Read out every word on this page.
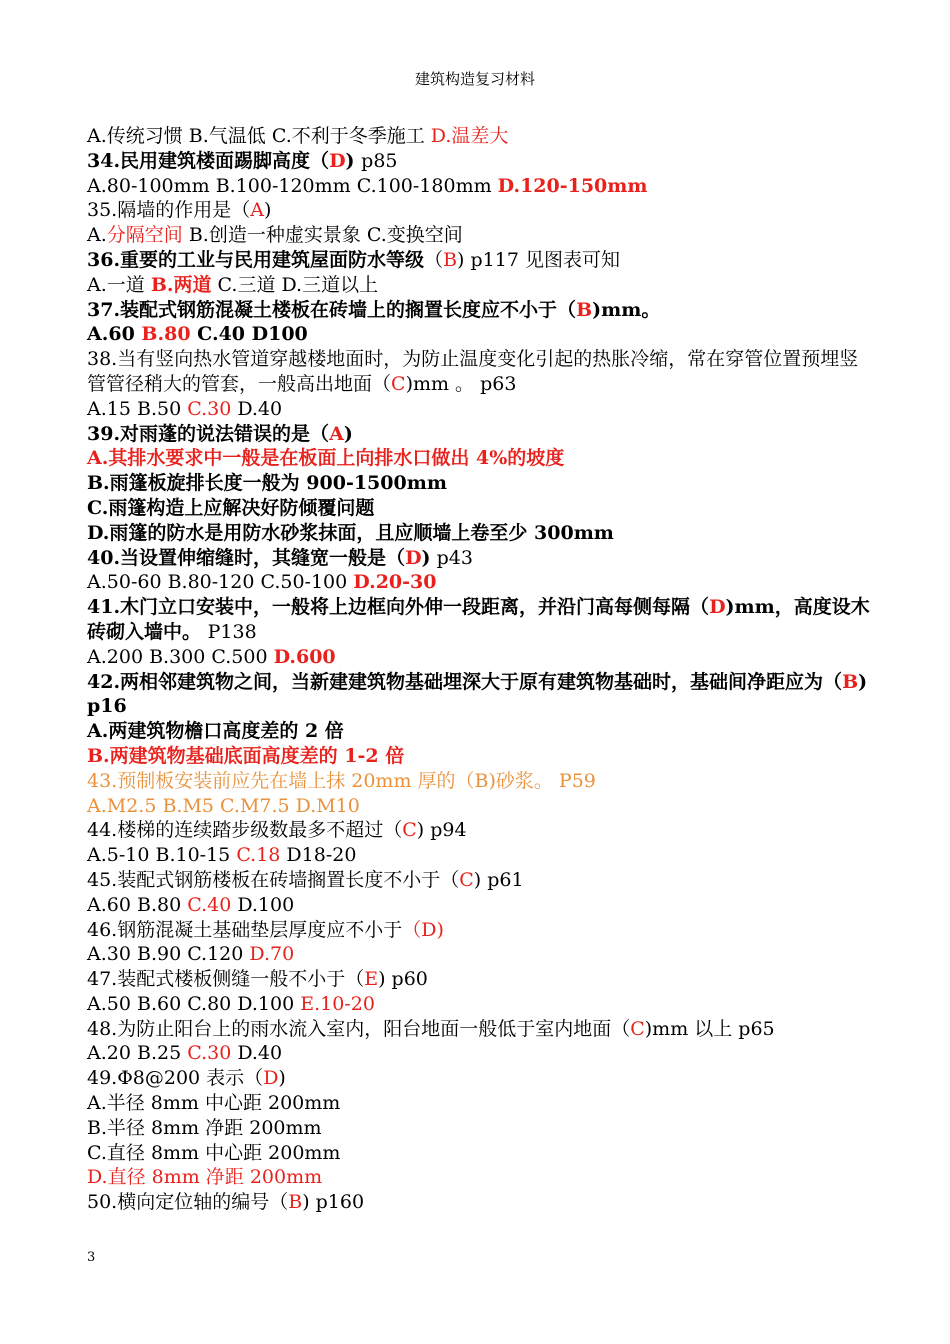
建筑构造复习材料
A.传统习惯 B.气温低 C.不利于冬季施工 D.温差大
34.民用建筑楼面踢脚高度（D) p85
A.80-100mm B.100-120mm C.100-180mm D.120-150mm
35.隔墙的作用是（A)
A.分隔空间 B.创造一种虚实景象 C.变换空间
36.重要的工业与民用建筑屋面防水等级（B) p117 见图表可知
A.一道 B.两道 C.三道 D.三道以上
37.装配式钢筋混凝土楼板在砖墙上的搁置长度应不小于（B)mm。
A.60 B.80 C.40 D100
38.当有竖向热水管道穿越楼地面时，为防止温度变化引起的热胀冷缩，常在穿管位置预埋竖管管径稍大的管套，一般高出地面（C)mm 。 p63
A.15 B.50 C.30 D.40
39.对雨蓬的说法错误的是（A)
A.其排水要求中一般是在板面上向排水口做出 4%的坡度
B.雨篷板旋排长度一般为 900-1500mm
C.雨篷构造上应解决好防倾覆问题
D.雨篷的防水是用防水砂浆抹面，且应顺墙上卷至少 300mm
40.当设置伸缩缝时，其缝宽一般是（D) p43
A.50-60 B.80-120 C.50-100 D.20-30
41.木门立口安装中，一般将上边框向外伸一段距离，并沿门高每侧每隔（D)mm，高度设木砖砌入墙中。 P138
A.200 B.300 C.500 D.600
42.两相邻建筑物之间，当新建建筑物基础埋深大于原有建筑物基础时，基础间净距应为（B) p16
A.两建筑物檐口高度差的 2 倍
B.两建筑物基础底面高度差的 1-2 倍
43.预制板安装前应先在墙上抹 20mm 厚的（B)砂浆。 P59
A.M2.5 B.M5 C.M7.5 D.M10
44.楼梯的连续踏步级数最多不超过（C) p94
A.5-10 B.10-15 C.18 D18-20
45.装配式钢筋楼板在砖墙搁置长度不小于（C) p61
A.60 B.80 C.40 D.100
46.钢筋混凝土基础垫层厚度应不小于（D)
A.30 B.90 C.120 D.70
47.装配式楼板侧缝一般不小于（E) p60
A.50 B.60 C.80 D.100 E.10-20
48.为防止阳台上的雨水流入室内，阳台地面一般低于室内地面（C)mm 以上 p65
A.20 B.25 C.30 D.40
49.Φ8@200 表示（D)
A.半径 8mm 中心距 200mm
B.半径 8mm 净距 200mm
C.直径 8mm 中心距 200mm
D.直径 8mm 净距 200mm
50.横向定位轴的编号（B) p160
3
